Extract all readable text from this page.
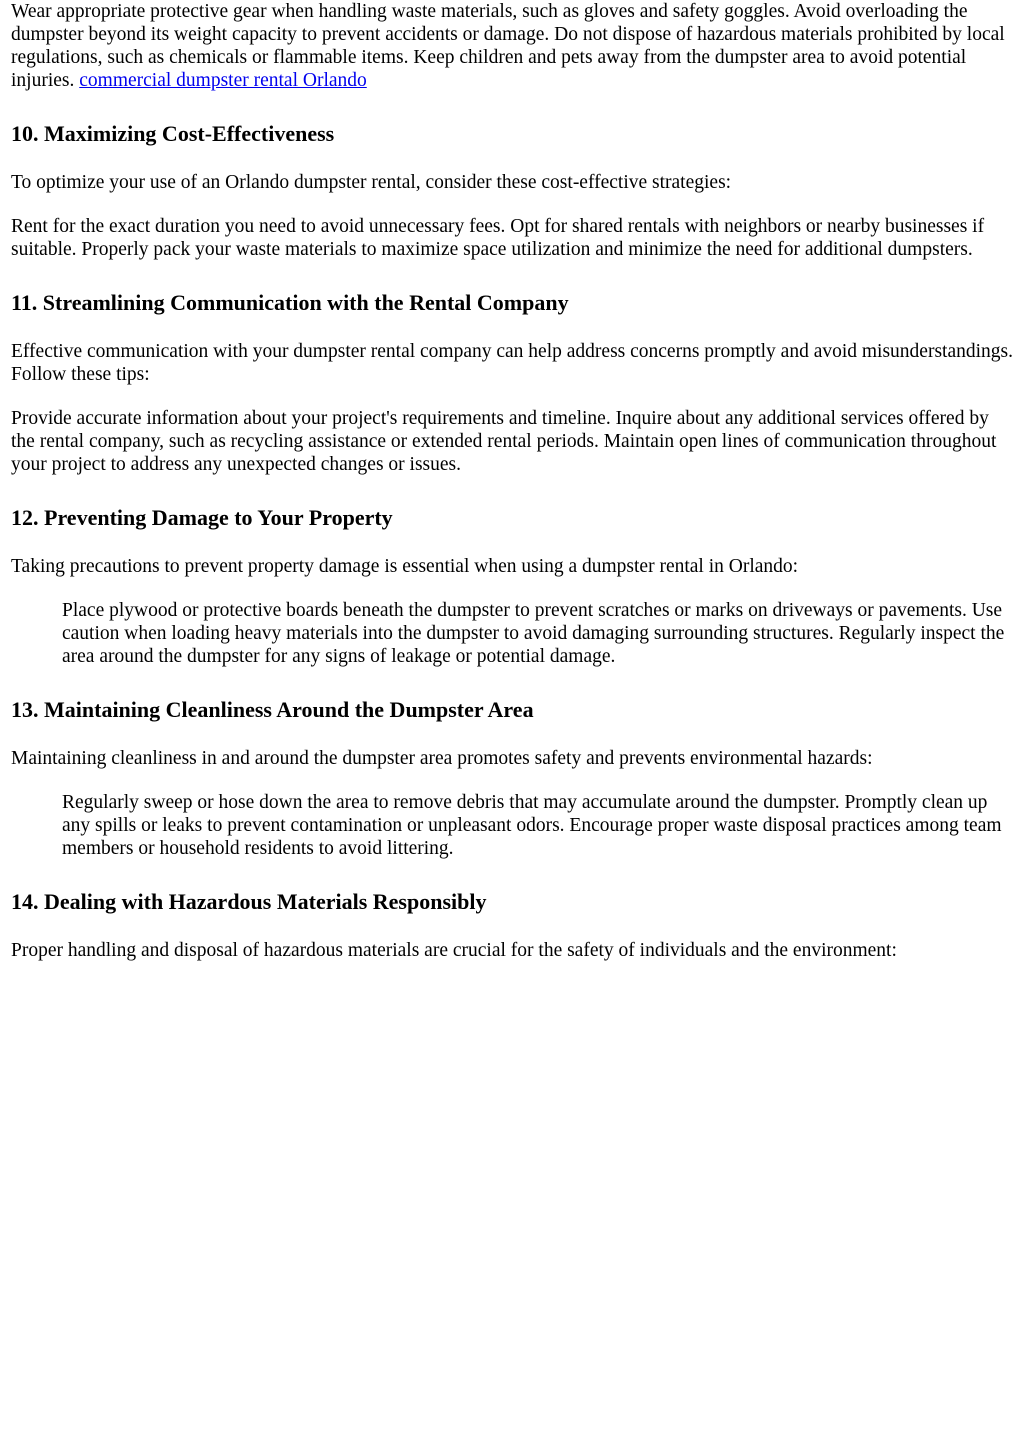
Wear appropriate protective gear when handling waste materials, such as gloves and safety goggles. Avoid overloading the dumpster beyond its weight capacity to prevent accidents or damage. Do not dispose of hazardous materials prohibited by local regulations, such as chemicals or flammable items. Keep children and pets away from the dumpster area to avoid potential injuries. commercial dumpster rental Orlando

10. Maximizing Cost-Effectiveness

To optimize your use of an Orlando dumpster rental, consider these cost-effective strategies:

Rent for the exact duration you need to avoid unnecessary fees. Opt for shared rentals with neighbors or nearby businesses if suitable. Properly pack your waste materials to maximize space utilization and minimize the need for additional dumpsters.

11. Streamlining Communication with the Rental Company

Effective communication with your dumpster rental company can help address concerns promptly and avoid misunderstandings. Follow these tips:

Provide accurate information about your project's requirements and timeline. Inquire about any additional services offered by the rental company, such as recycling assistance or extended rental periods. Maintain open lines of communication throughout your project to address any unexpected changes or issues.

12. Preventing Damage to Your Property

Taking precautions to prevent property damage is essential when using a dumpster rental in Orlando:

Place plywood or protective boards beneath the dumpster to prevent scratches or marks on driveways or pavements. Use caution when loading heavy materials into the dumpster to avoid damaging surrounding structures. Regularly inspect the area around the dumpster for any signs of leakage or potential damage.
13. Maintaining Cleanliness Around the Dumpster Area

Maintaining cleanliness in and around the dumpster area promotes safety and prevents environmental hazards:

Regularly sweep or hose down the area to remove debris that may accumulate around the dumpster. Promptly clean up any spills or leaks to prevent contamination or unpleasant odors. Encourage proper waste disposal practices among team members or household residents to avoid littering.
14. Dealing with Hazardous Materials Responsibly

Proper handling and disposal of hazardous materials are crucial for the safety of individuals and the environment:
